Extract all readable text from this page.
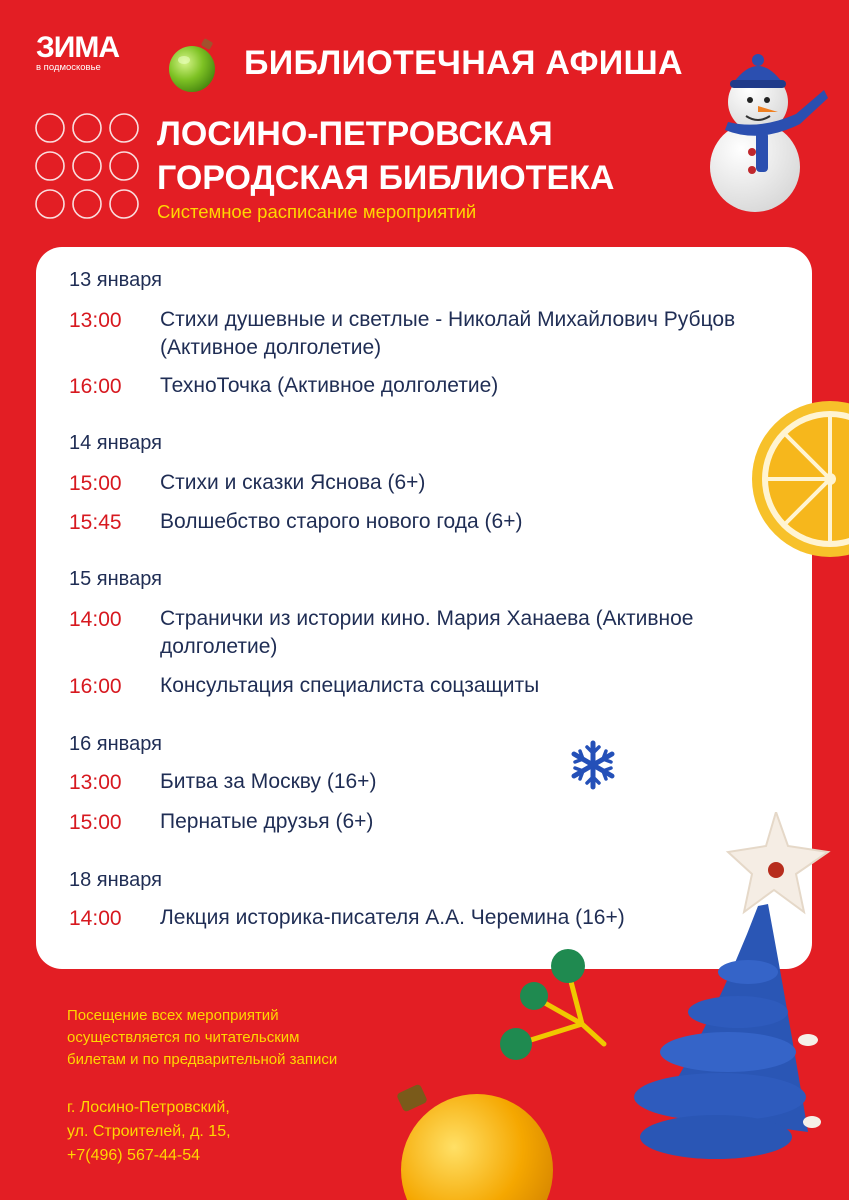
ЗИМА
в подмосковье	БИБЛИОТЕЧНАЯ АФИША
ЛОСИНО-ПЕТРОВСКАЯ
ГОРОДСКАЯ БИБЛИОТЕКА
Системное расписание мероприятий
13 января
13:00 Стихи душевные и светлые - Николай Михайлович Рубцов (Активное долголетие)
16:00 ТехноТочка (Активное долголетие)
14 января
15:00 Стихи и сказки Яснова (6+)
15:45 Волшебство старого нового года (6+)
15 января
14:00 Странички из истории кино. Мария Ханаева (Активное долголетие)
16:00 Консультация специалиста соцзащиты
16 января
13:00 Битва за Москву (16+)
15:00 Пернатые друзья (6+)
18 января
14:00 Лекция историка-писателя А.А. Черемина (16+)
Посещение всех мероприятий
осуществляется по читательским
билетам и по предварительной записи
г. Лосино-Петровский,
ул. Строителей, д. 15,
+7(496) 567-44-54
